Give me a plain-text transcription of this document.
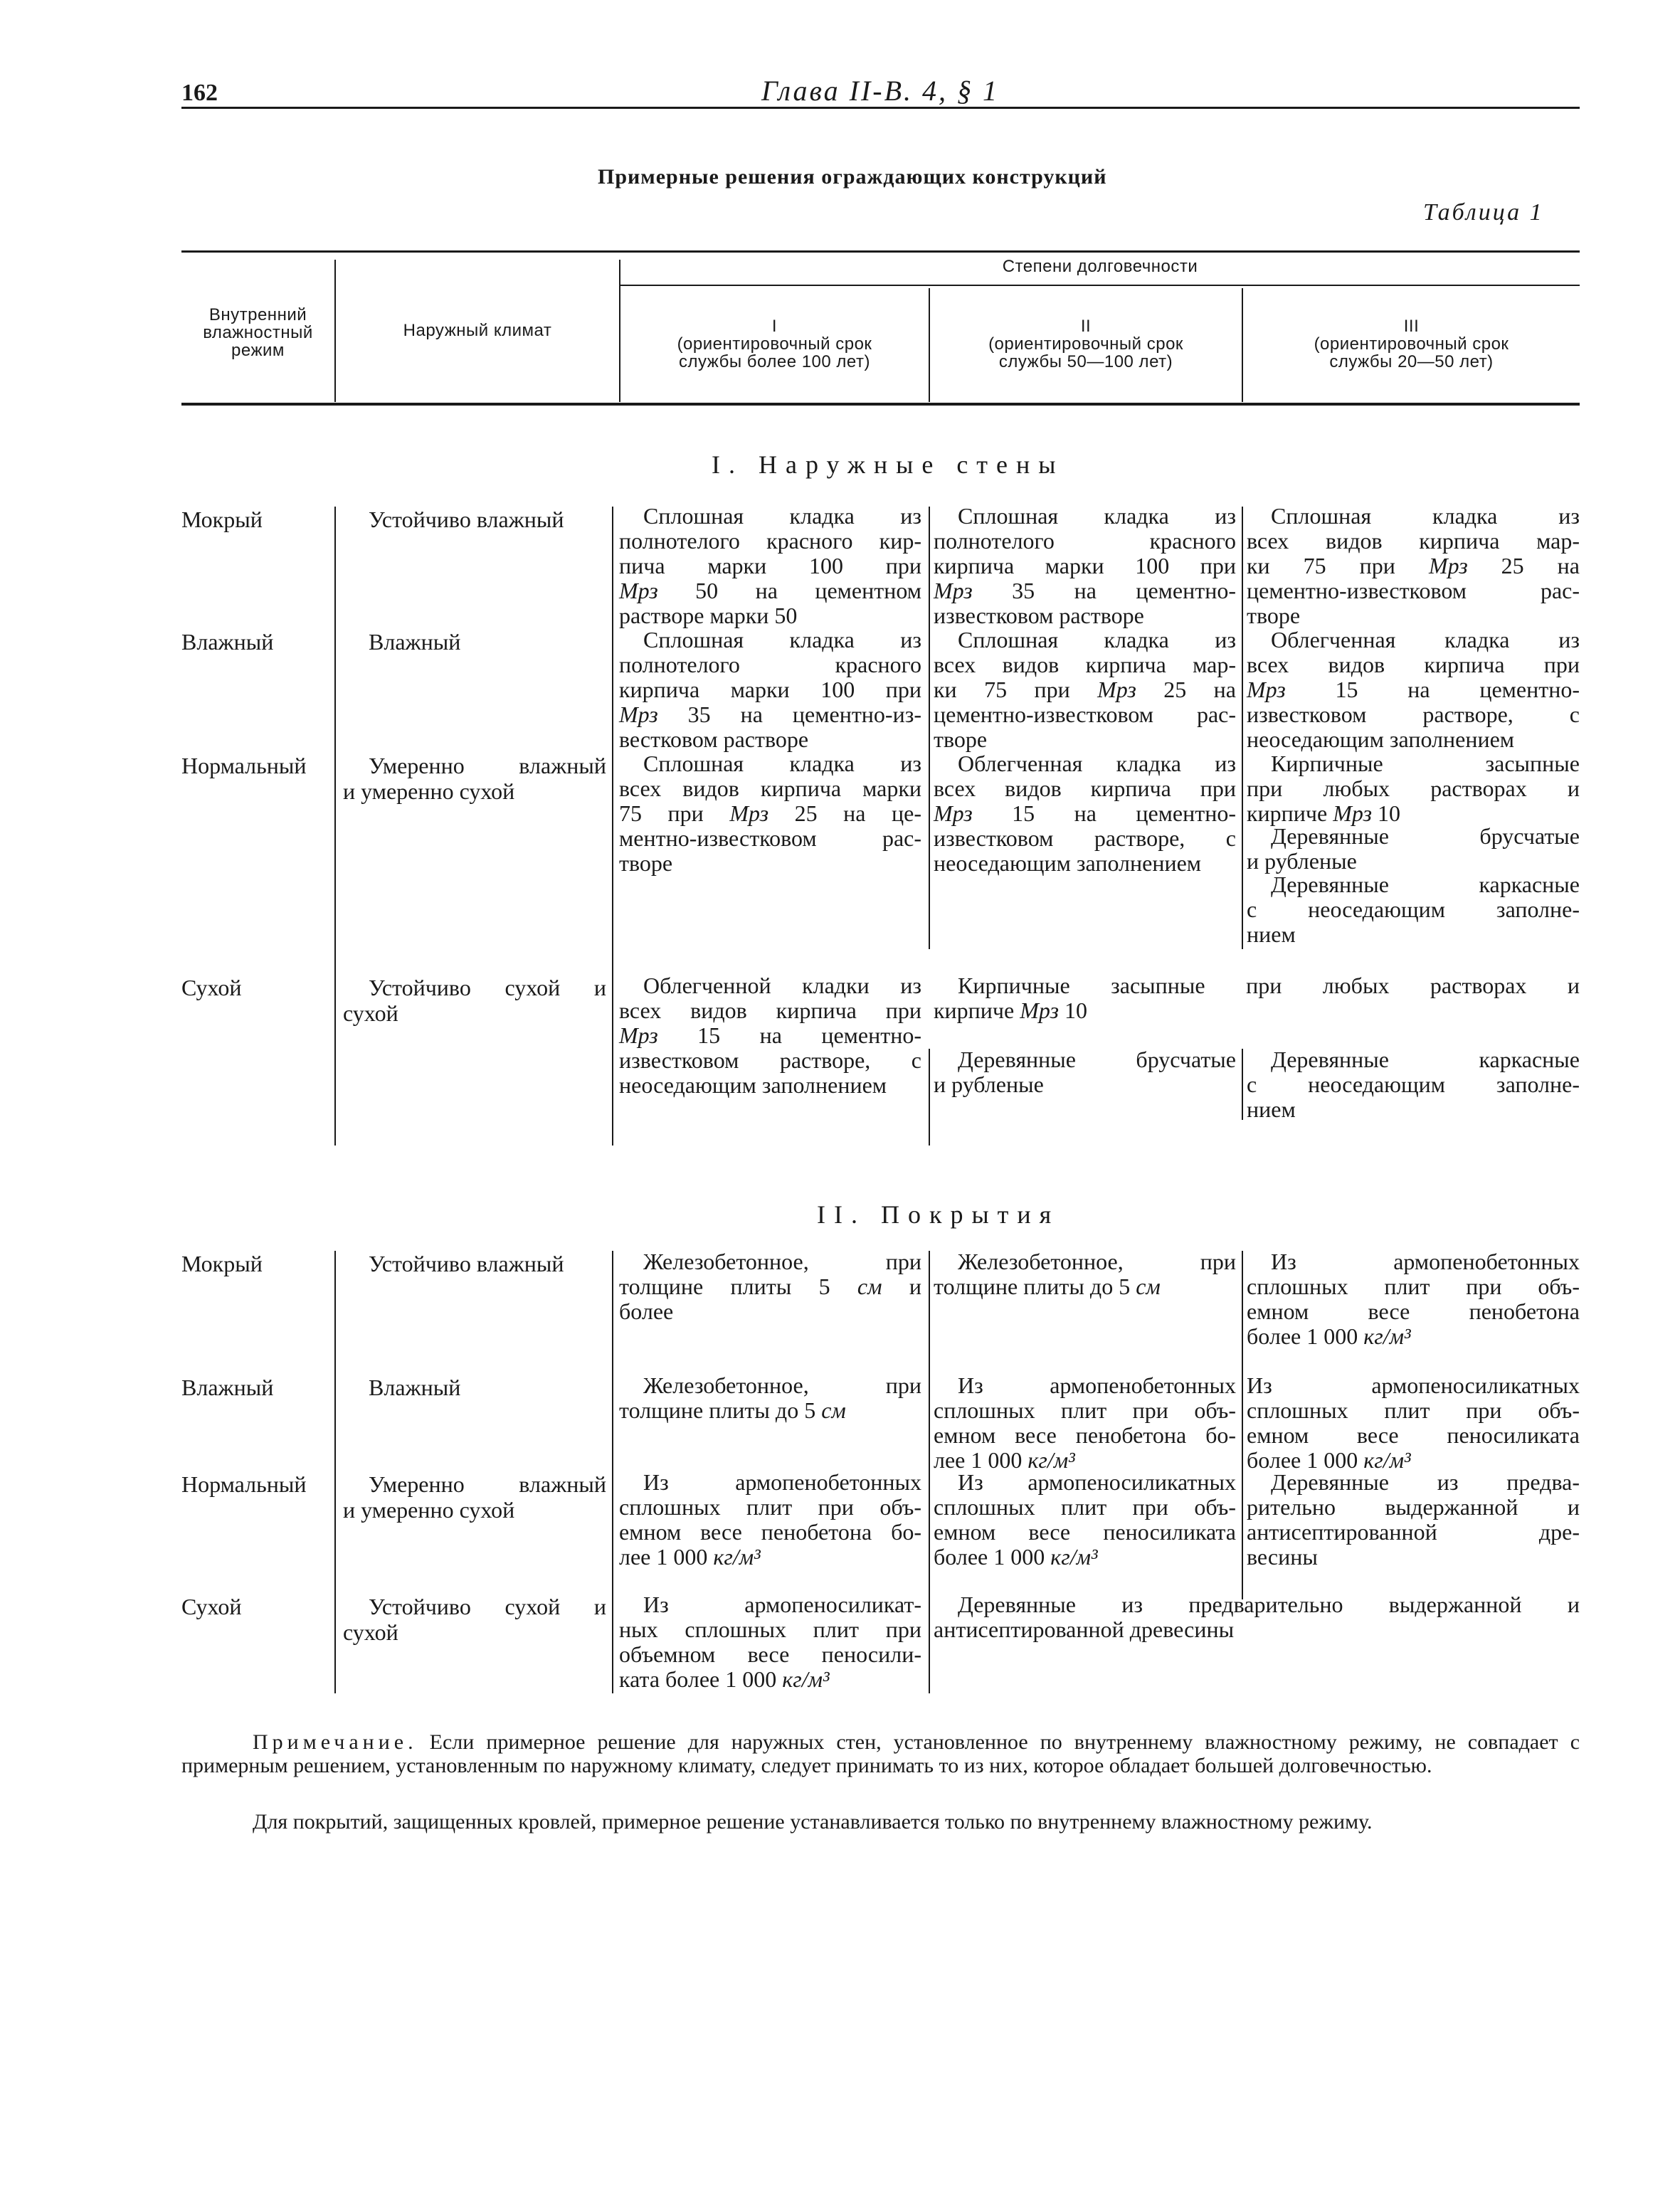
162	Глава II-В. 4, § 1
Примерные решения ограждающих конструкций
Таблица 1
Внутренний
влажностный
режим
Наружный климат
Степени долговечности
I
(ориентировочный срок
службы более 100 лет)
II
(ориентировочный срок
службы 50—100 лет)
III
(ориентировочный срок
службы 20—50 лет)
I. Наружные стены
Мокрый
Влажный
Нормальный
Сухой
Устойчиво влажный
Влажный
Умеренно влажный
и умеренно сухой
Устойчиво сухой и
сухой
Сплошная кладка из
полнотелого красного кир-
пича марки 100 при
Мрз 50 на цементном
растворе марки 50
Сплошная кладка из
полнотелого красного
кирпича марки 100 при
Мрз 35 на цементно-
известковом растворе
Сплошная кладка из
всех видов кирпича мар-
ки 75 при Мрз 25 на
цементно-известковом рас-
творе
Сплошная кладка из
полнотелого красного
кирпича марки 100 при
Мрз 35 на цементно-из-
вестковом растворе
Сплошная кладка из
всех видов кирпича мар-
ки 75 при Мрз 25 на
цементно-известковом рас-
творе
Облегченная кладка из
всех видов кирпича при
Мрз 15 на цементно-
известковом растворе, с
неоседающим заполнением
Сплошная кладка из
всех видов кирпича марки
75 при Мрз 25 на це-
ментно-известковом рас-
творе
Облегченная кладка из
всех видов кирпича при
Мрз 15 на цементно-
известковом растворе, с
неоседающим заполнением
Кирпичные засыпные
при любых растворах и
кирпиче Мрз 10
Деревянные брусчатые
и рубленые
Деревянные каркасные
с неоседающим заполне-
нием
Облегченной кладки из
всех видов кирпича при
Мрз 15 на цементно-
известковом растворе, с
неоседающим заполнением
Кирпичные засыпные при любых растворах и
кирпиче Мрз 10
Деревянные брусчатые
и рубленые
Деревянные каркасные
с неоседающим заполне-
нием
II. Покрытия
Мокрый
Влажный
Нормальный
Сухой
Устойчиво влажный
Влажный
Умеренно влажный
и умеренно сухой
Устойчиво сухой и
сухой
Железобетонное, при
толщине плиты 5 см и
более
Железобетонное, при
толщине плиты до 5 см
Из армопенобетонных
сплошных плит при объ-
емном весе пенобетона
более 1 000 кг/м³
Железобетонное, при
толщине плиты до 5 см
Из армопенобетонных
сплошных плит при объ-
емном весе пенобетона бо-
лее 1 000 кг/м³
Из армопеносиликатных
сплошных плит при объ-
емном весе пеносиликата
более 1 000 кг/м³
Из армопенобетонных
сплошных плит при объ-
емном весе пенобетона бо-
лее 1 000 кг/м³
Из армопеносиликатных
сплошных плит при объ-
емном весе пеносиликата
более 1 000 кг/м³
Деревянные из предва-
рительно выдержанной и
антисептированной дре-
весины
Из армопеносиликат-
ных сплошных плит при
объемном весе пеносили-
ката более 1 000 кг/м³
Деревянные из предварительно выдержанной и
антисептированной древесины
Примечание. Если примерное решение для наружных стен, установленное по внутреннему влажностному режиму, не совпадает с примерным решением, установленным по наружному климату, следует принимать то из них, которое обладает большей долговечностью.
Для покрытий, защищенных кровлей, примерное решение устанавливается только по внутреннему влажностному режиму.
